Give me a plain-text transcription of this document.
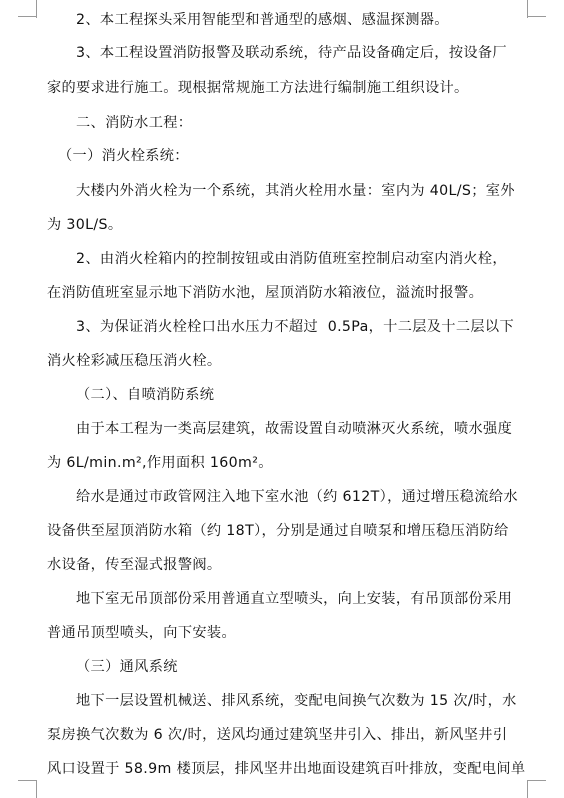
2、本工程探头采用智能型和普通型的感烟、感温探测器。
3、本工程设置消防报警及联动系统，待产品设备确定后，按设备厂
家的要求进行施工。现根据常规施工方法进行编制施工组织设计。
二、消防水工程：
（一）消火栓系统：
大楼内外消火栓为一个系统，其消火栓用水量：室内为 40L/S；室外
为 30L/S。
2、由消火栓箱内的控制按钮或由消防值班室控制启动室内消火栓，
在消防值班室显示地下消防水池，屋顶消防水箱液位，溢流时报警。
3、为保证消火栓栓口出水压力不超过  0.5Pa，十二层及十二层以下
消火栓彩减压稳压消火栓。
（二）、自喷消防系统
由于本工程为一类高层建筑，故需设置自动喷淋灭火系统，喷水强度
为 6L/min.m²,作用面积 160m²。
给水是通过市政管网注入地下室水池（约 612T），通过增压稳流给水
设备供至屋顶消防水箱（约 18T），分别是通过自喷泵和增压稳压消防给
水设备，传至湿式报警阀。
地下室无吊顶部份采用普通直立型喷头，向上安装，有吊顶部份采用
普通吊顶型喷头，向下安装。
（三）通风系统
地下一层设置机械送、排风系统，变配电间换气次数为 15 次/时，水
泵房换气次数为 6 次/时，送风均通过建筑坚井引入、排出，新风坚井引
风口设置于 58.9m 楼顶层，排风坚井出地面设建筑百叶排放，变配电间单
